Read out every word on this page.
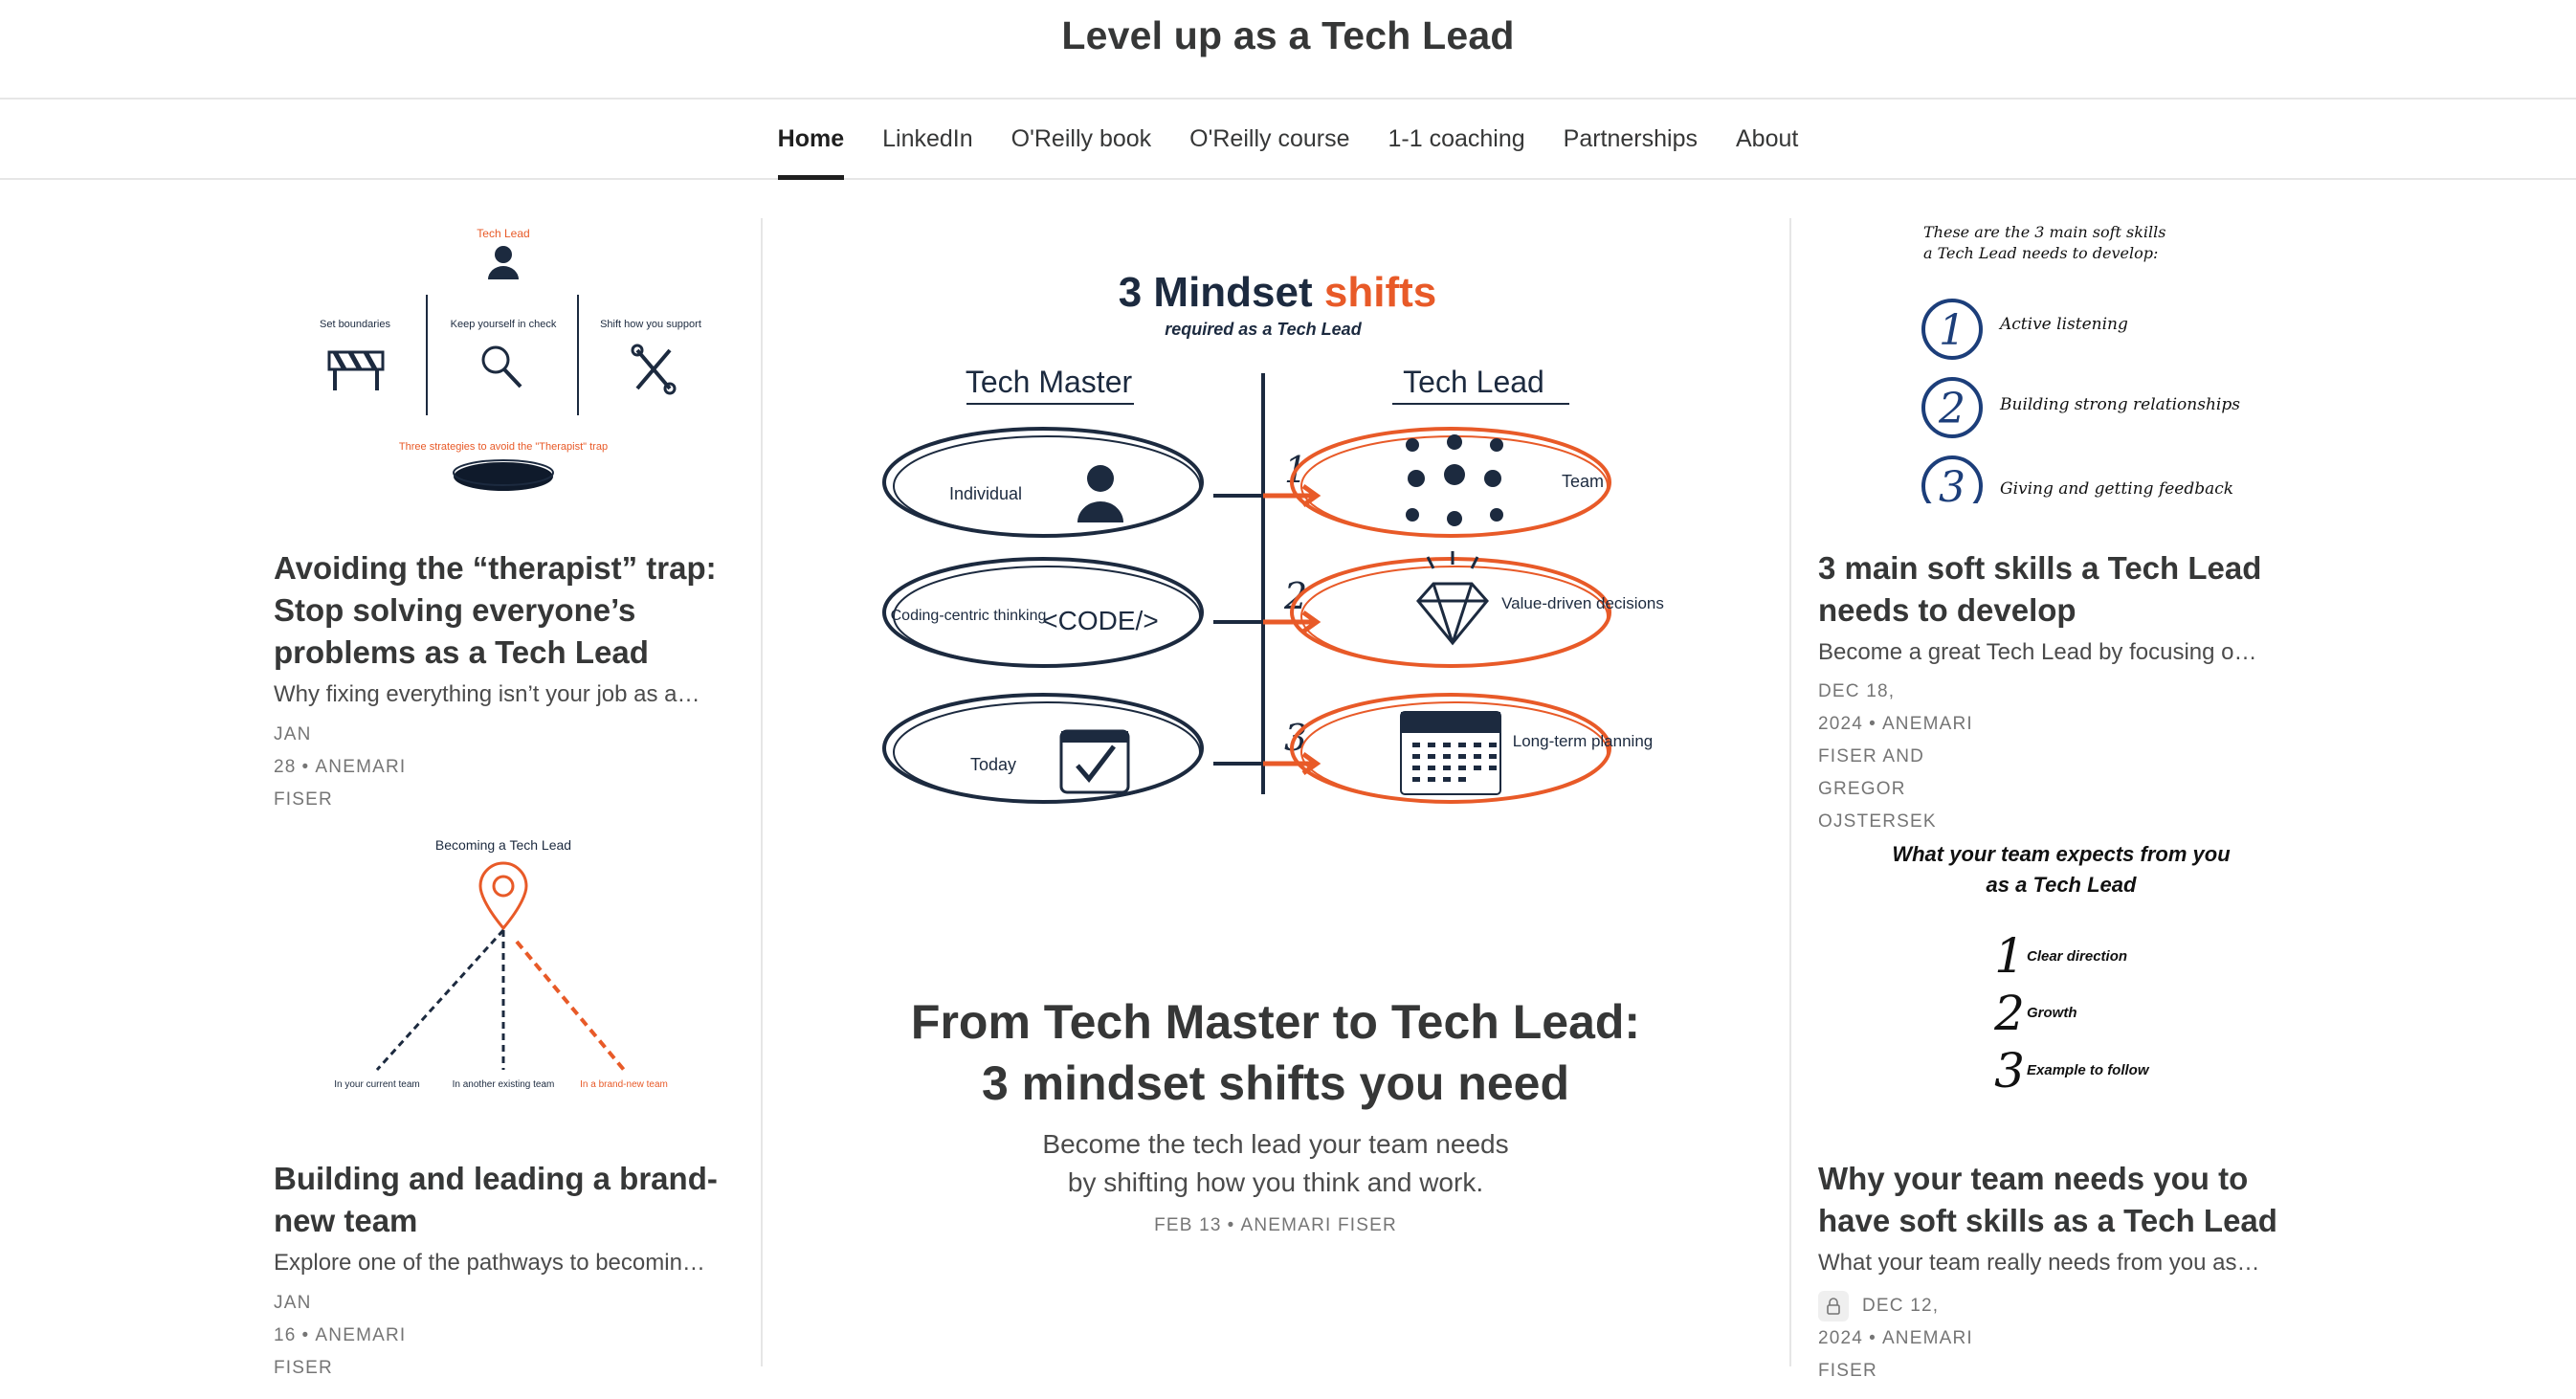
Level up as a Tech Lead
Home	LinkedIn	O'Reilly book	O'Reilly course	1-1 coaching	Partnerships	About
Tech Lead
Set boundaries	Keep yourself in check	Shift how you support
Three strategies to avoid the "Therapist" trap
Avoiding the “therapist” trap: Stop solving everyone’s problems as a Tech Lead
Why fixing everything isn’t your job as a…
JAN 28 • ANEMARI FISER
Becoming a Tech Lead
In your current team	In another existing team	In a brand-new team
Building and leading a brand-new team
Explore one of the pathways to becomin…
JAN 16 • ANEMARI FISER
3 Mindset shifts
required as a Tech Lead
Tech Master	Tech Lead
Individual
1	Team
Coding-centric thinking
<CODE/>
2	Value-driven decisions
Today
3	Long-term planning
From Tech Master to Tech Lead:
3 mindset shifts you need
Become the tech lead your team needs
by shifting how you think and work.
FEB 13 • ANEMARI FISER
These are the 3 main soft skills
a Tech Lead needs to develop:
1 Active listening
2 Building strong relationships
3 Giving and getting feedback
3 main soft skills a Tech Lead needs to develop
Become a great Tech Lead by focusing o…
DEC 18, 2024 • ANEMARI FISER AND
GREGOR OJSTERSEK
What your team expects from you
as a Tech Lead
1 Clear direction
2 Growth
3 Example to follow
Why your team needs you to have soft skills as a Tech Lead
What your team really needs from you as…
DEC 12, 2024 • ANEMARI FISER
